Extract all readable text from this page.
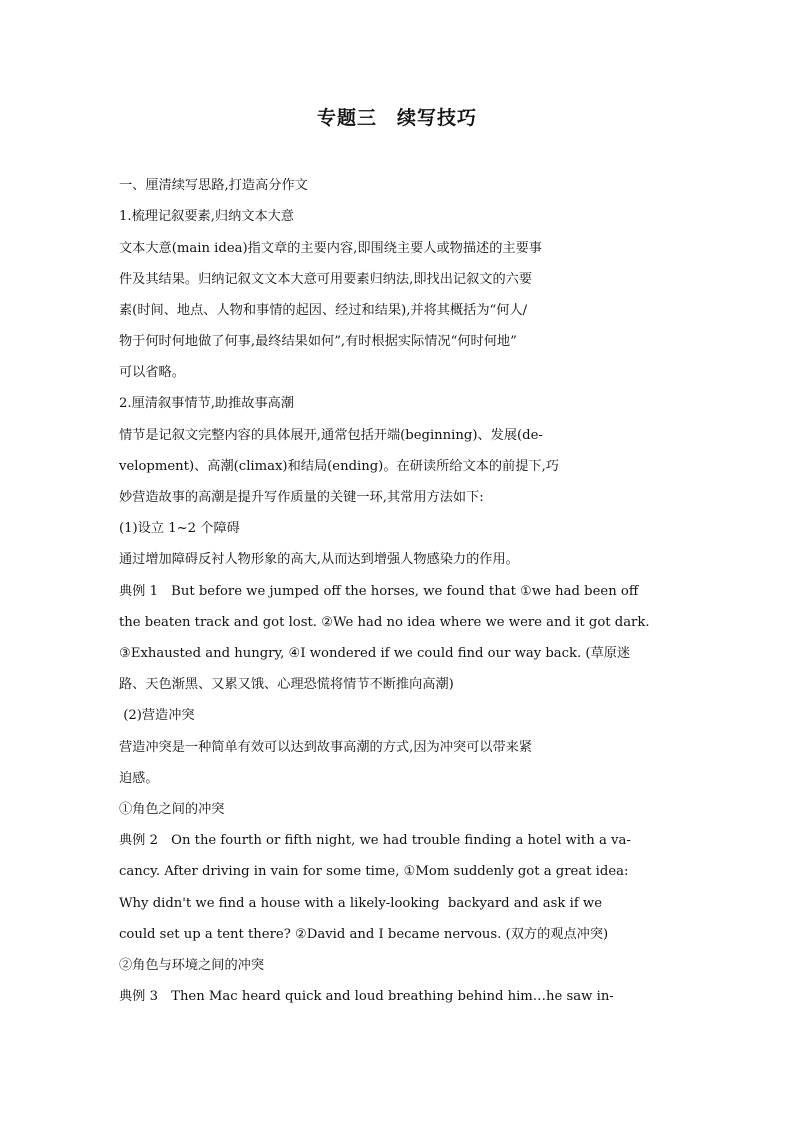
专题三　续写技巧
一、厘清续写思路,打造高分作文
1.梳理记叙要素,归纳文本大意
文本大意(main idea)指文章的主要内容,即围绕主要人或物描述的主要事
件及其结果。归纳记叙文文本大意可用要素归纳法,即找出记叙文的六要
素(时间、地点、人物和事情的起因、经过和结果),并将其概括为“何人/
物于何时何地做了何事,最终结果如何”,有时根据实际情况“何时何地”
可以省略。
2.厘清叙事情节,助推故事高潮
情节是记叙文完整内容的具体展开,通常包括开端(beginning)、发展(de-
velopment)、高潮(climax)和结局(ending)。在研读所给文本的前提下,巧
妙营造故事的高潮是提升写作质量的关键一环,其常用方法如下:
(1)设立 1~2 个障碍
通过增加障碍反衬人物形象的高大,从而达到增强人物感染力的作用。
典例 1　But before we jumped off the horses, we found that ①we had been off
the beaten track and got lost. ②We had no idea where we were and it got dark.
③Exhausted and hungry, ④I wondered if we could find our way back. (草原迷
路、天色渐黑、又累又饿、心理恐慌将情节不断推向高潮)
(2)营造冲突
营造冲突是一种简单有效可以达到故事高潮的方式,因为冲突可以带来紧
迫感。
①角色之间的冲突
典例 2　On the fourth or fifth night, we had trouble finding a hotel with a va-
cancy. After driving in vain for some time, ①Mom suddenly got a great idea:
Why didn't we find a house with a likely-looking  backyard and ask if we
could set up a tent there? ②David and I became nervous. (双方的观点冲突)
②角色与环境之间的冲突
典例 3　Then Mac heard quick and loud breathing behind him…he saw in-
